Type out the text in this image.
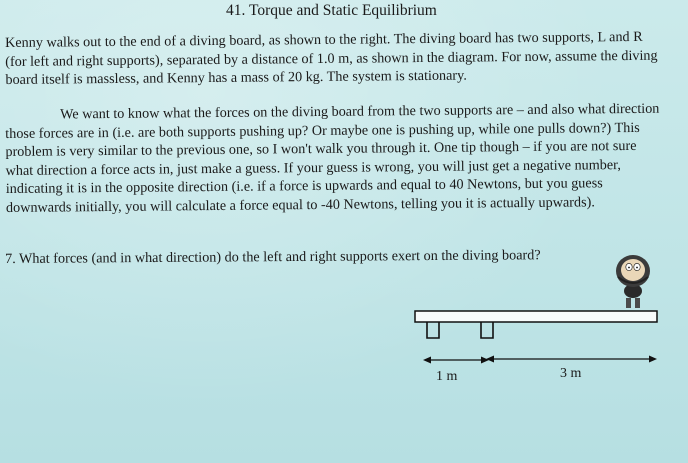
41. Torque and Static Equilibrium

Kenny walks out to the end of a diving board, as shown to the right. The diving board has two supports, L and R (for left and right supports), separated by a distance of 1.0 m, as shown in the diagram. For now, assume the diving board itself is massless, and Kenny has a mass of 20 kg. The system is stationary.

We want to know what the forces on the diving board from the two supports are – and also what direction those forces are in (i.e. are both supports pushing up? Or maybe one is pushing up, while one pulls down?) This problem is very similar to the previous one, so I won't walk you through it. One tip though – if you are not sure what direction a force acts in, just make a guess. If your guess is wrong, you will just get a negative number, indicating it is in the opposite direction (i.e. if a force is upwards and equal to 40 Newtons, but you guess downwards initially, you will calculate a force equal to -40 Newtons, telling you it is actually upwards).

7. What forces (and in what direction) do the left and right supports exert on the diving board?

1 m	3 m
